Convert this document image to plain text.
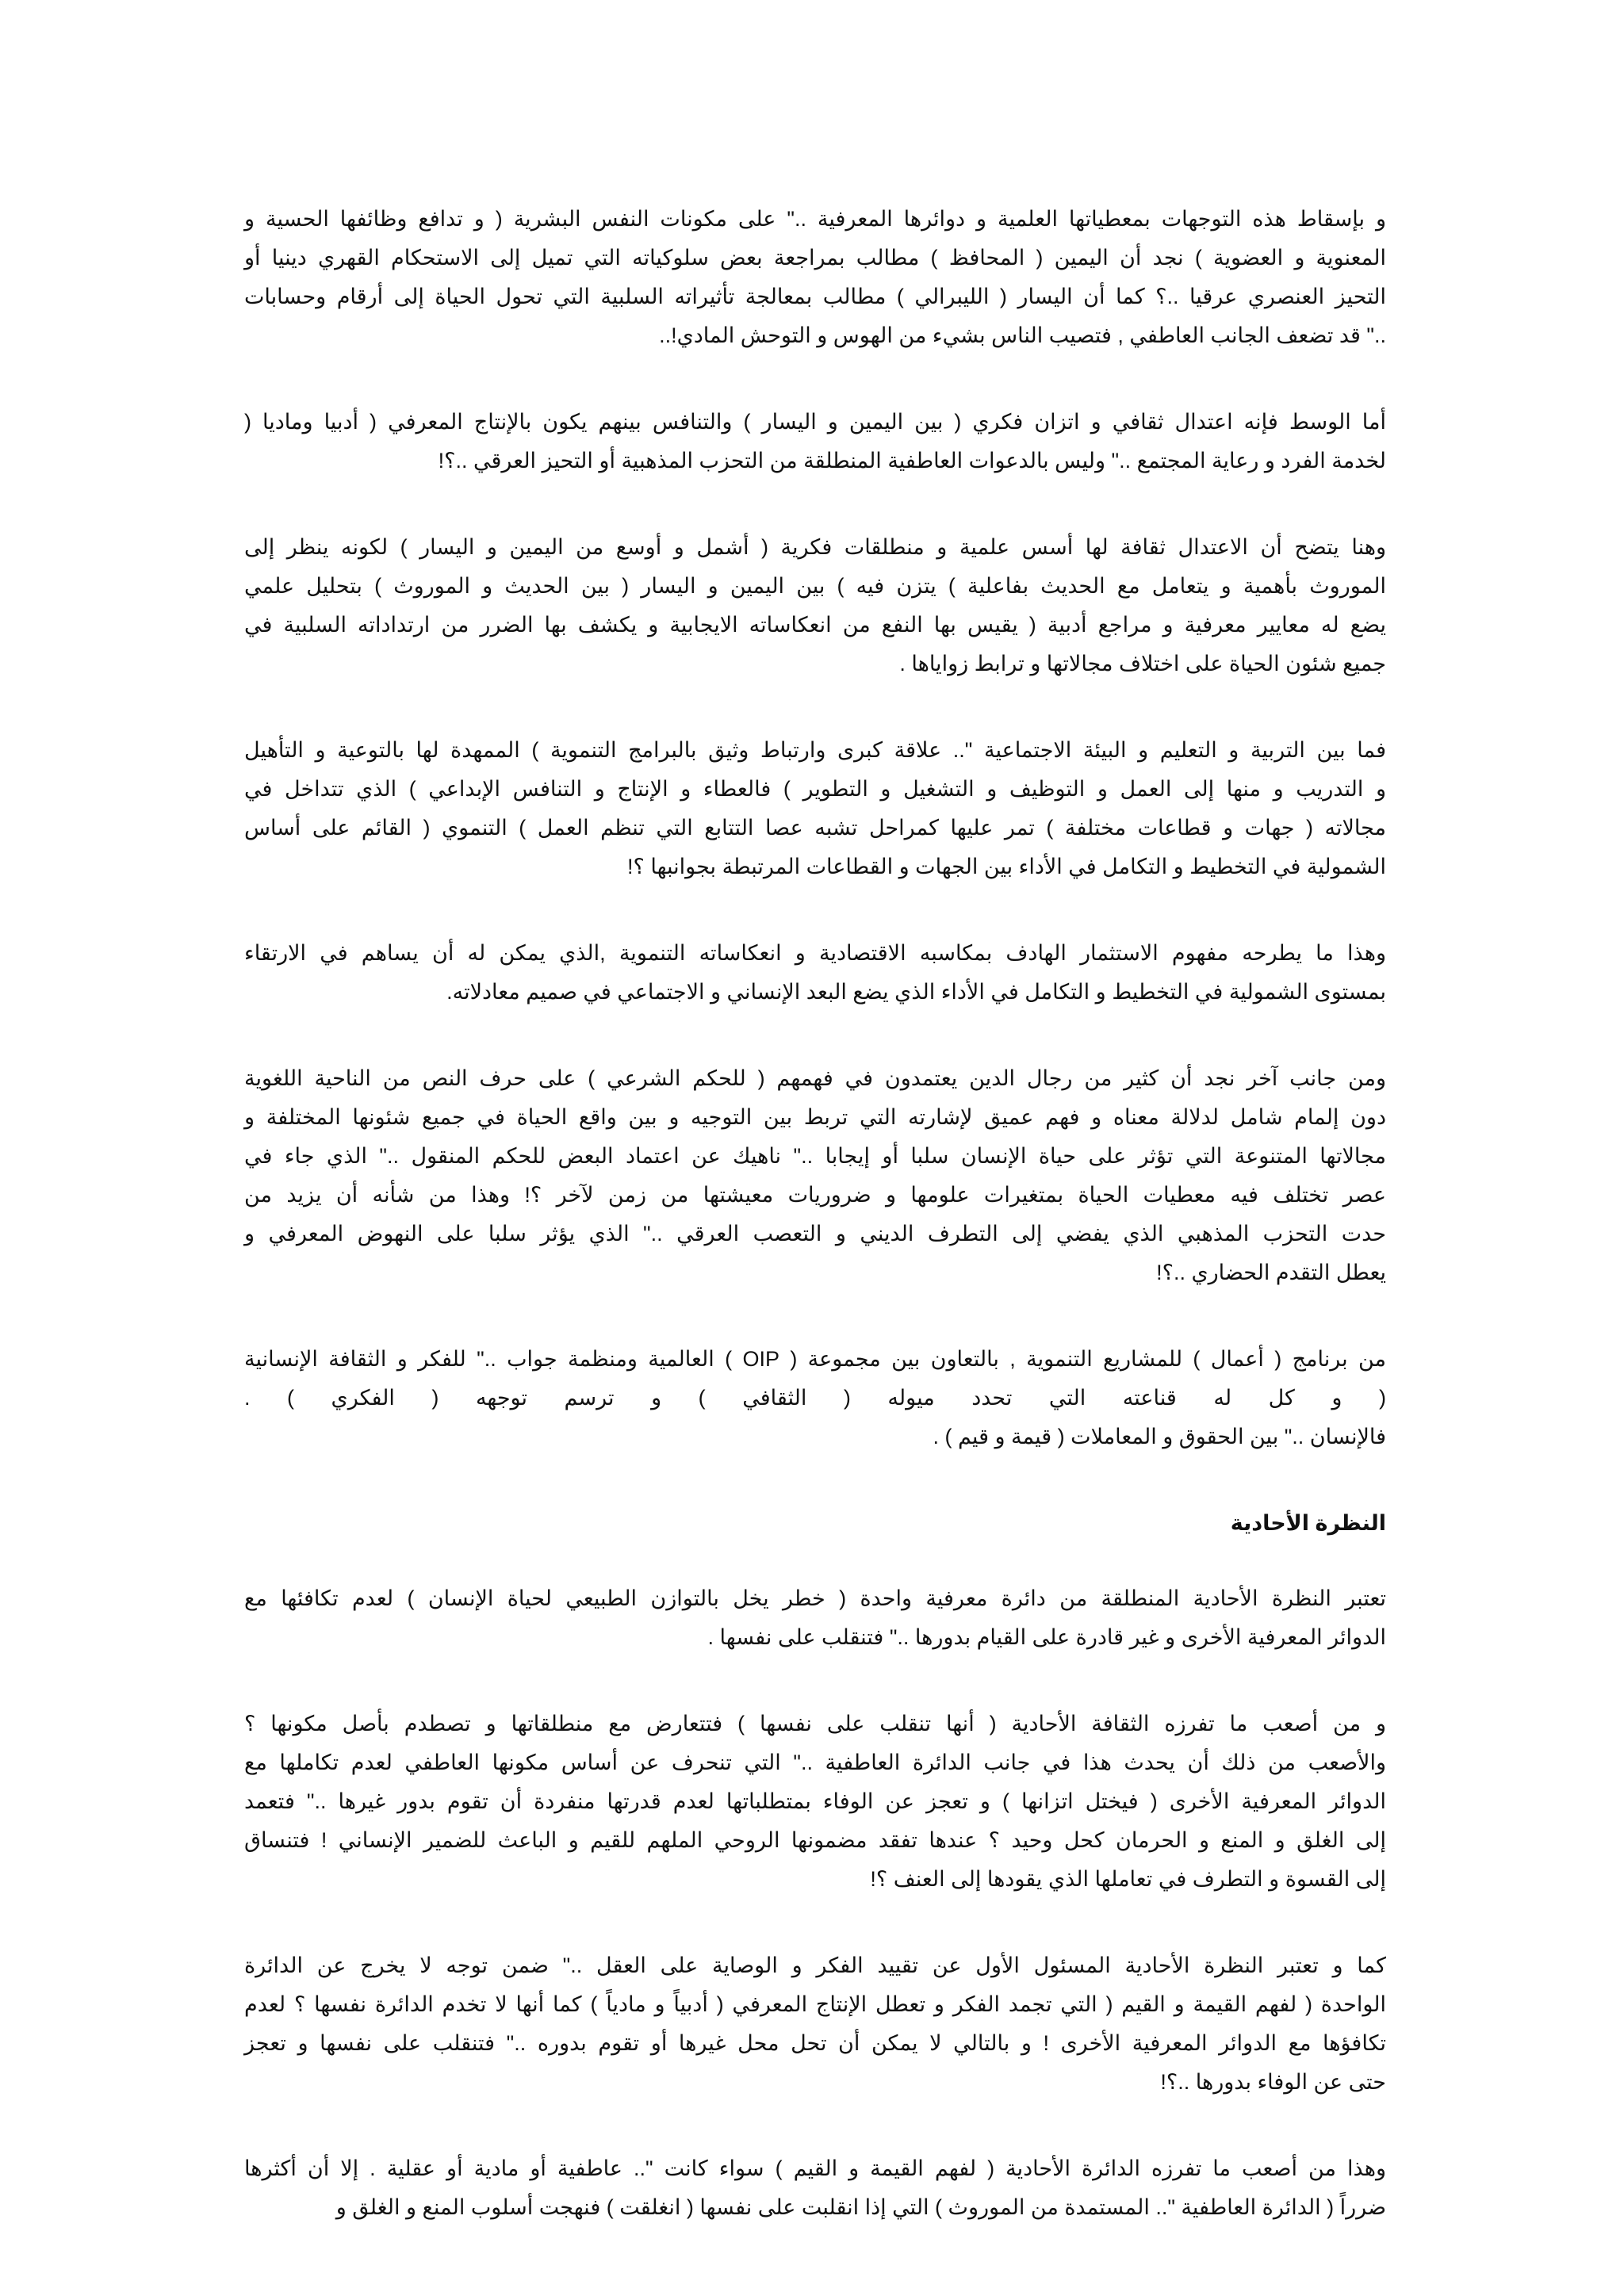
و بإسقاط هذه التوجهات بمعطياتها العلمية و دوائرها المعرفية .." على مكونات النفس البشرية ( و تدافع وظائفها الحسية و
المعنوية و العضوية ) نجد أن اليمين ( المحافظ ) مطالب بمراجعة بعض سلوكياته التي تميل إلى الاستحكام القهري دينيا أو
التحيز العنصري عرقيا ..؟ كما أن اليسار ( الليبرالي ) مطالب بمعالجة تأثيراته السلبية التي تحول الحياة إلى أرقام وحسابات
.." قد تضعف الجانب العاطفي , فتصيب الناس بشيء من الهوس و التوحش المادي!..
أما الوسط فإنه اعتدال ثقافي و اتزان فكري ( بين اليمين و اليسار ) والتنافس بينهم يكون بالإنتاج المعرفي ( أدبيا وماديا (
لخدمة الفرد و رعاية المجتمع .." وليس بالدعوات العاطفية المنطلقة من التحزب المذهبية أو التحيز العرقي ..؟!
وهنا يتضح أن الاعتدال ثقافة لها أسس علمية و منطلقات فكرية ( أشمل و أوسع من اليمين و اليسار ) لكونه ينظر إلى
الموروث بأهمية و يتعامل مع الحديث بفاعلية ) يتزن فيه ) بين اليمين و اليسار ( بين الحديث و الموروث ) بتحليل علمي
يضع له معايير معرفية و مراجع أدبية ( يقيس بها النفع من انعكاساته الايجابية و يكشف بها الضرر من ارتداداته السلبية في
جميع شئون الحياة على اختلاف مجالاتها و ترابط زواياها .
فما بين التربية و التعليم و البيئة الاجتماعية ".. علاقة كبرى وارتباط وثيق بالبرامج التنموية ) الممهدة لها بالتوعية و التأهيل
و التدريب و منها إلى العمل و التوظيف و التشغيل و التطوير ) فالعطاء و الإنتاج و التنافس الإبداعي ) الذي تتداخل في
مجالاته ( جهات و قطاعات مختلفة ) تمر عليها كمراحل تشبه عصا التتابع التي تنظم العمل ) التنموي ( القائم على أساس
الشمولية في التخطيط و التكامل في الأداء بين الجهات و القطاعات المرتبطة بجوانبها ؟!
وهذا ما يطرحه مفهوم الاستثمار الهادف بمكاسبه الاقتصادية و انعكاساته التنموية ,الذي يمكن له أن يساهم في الارتقاء
بمستوى الشمولية في التخطيط و التكامل في الأداء الذي يضع البعد الإنساني و الاجتماعي في صميم معادلاته.
ومن جانب آخر نجد أن كثير من رجال الدين يعتمدون في فهمهم ( للحكم الشرعي ) على حرف النص من الناحية اللغوية
دون إلمام شامل لدلالة معناه و فهم عميق لإشارته التي تربط بين التوجيه و بين واقع الحياة في جميع شئونها المختلفة و
مجالاتها المتنوعة التي تؤثر على حياة الإنسان سلبا أو إيجابا .." ناهيك عن اعتماد البعض للحكم المنقول .." الذي جاء في
عصر تختلف فيه معطيات الحياة بمتغيرات علومها و ضروريات معيشتها من زمن لآخر ؟! وهذا من شأنه أن يزيد من
حدت التحزب المذهبي الذي يفضي إلى التطرف الديني و التعصب العرقي .." الذي يؤثر سلبا على النهوض المعرفي و
يعطل التقدم الحضاري ..؟!
من برنامج ( أعمال ) للمشاريع التنموية , بالتعاون بين مجموعة ( OIP ) العالمية ومنظمة جواب .." للفكر و الثقافة الإنسانية
( و كل له قناعته التي تحدد ميوله ( الثقافي ) و ترسم توجهه ( الفكري ) .
فالإنسان .." بين الحقوق و المعاملات ( قيمة و قيم ) .
النظرة الأحادية
تعتبر النظرة الأحادية المنطلقة من دائرة معرفية واحدة ( خطر يخل بالتوازن الطبيعي لحياة الإنسان ) لعدم تكافئها مع
الدوائر المعرفية الأخرى و غير قادرة على القيام بدورها .." فتنقلب على نفسها .
و من أصعب ما تفرزه الثقافة الأحادية ( أنها تنقلب على نفسها ) فتتعارض مع منطلقاتها و تصطدم بأصل مكونها ؟
والأصعب من ذلك أن يحدث هذا في جانب الدائرة العاطفية .." التي تنحرف عن أساس مكونها العاطفي لعدم تكاملها مع
الدوائر المعرفية الأخرى ( فيختل اتزانها ) و تعجز عن الوفاء بمتطلباتها لعدم قدرتها منفردة أن تقوم بدور غيرها .." فتعمد
إلى الغلق و المنع و الحرمان كحل وحيد ؟ عندها تفقد مضمونها الروحي الملهم للقيم و الباعث للضمير الإنساني ! فتنساق
إلى القسوة و التطرف في تعاملها الذي يقودها إلى العنف ؟!
كما و تعتبر النظرة الأحادية المسئول الأول عن تقييد الفكر و الوصاية على العقل .." ضمن توجه لا يخرج عن الدائرة
الواحدة ( لفهم القيمة و القيم ( التي تجمد الفكر و تعطل الإنتاج المعرفي ( أدبياً و مادياً ) كما أنها لا تخدم الدائرة نفسها ؟ لعدم
تكافؤها مع الدوائر المعرفية الأخرى ! و بالتالي لا يمكن أن تحل محل غيرها أو تقوم بدوره .." فتنقلب على نفسها و تعجز
حتى عن الوفاء بدورها ..؟!
وهذا من أصعب ما تفرزه الدائرة الأحادية ( لفهم القيمة و القيم ) سواء كانت ".. عاطفية أو مادية أو عقلية . إلا أن أكثرها
ضرراً ( الدائرة العاطفية ".. المستمدة من الموروث ) التي إذا انقلبت على نفسها ( انغلقت ) فنهجت أسلوب المنع و الغلق و
